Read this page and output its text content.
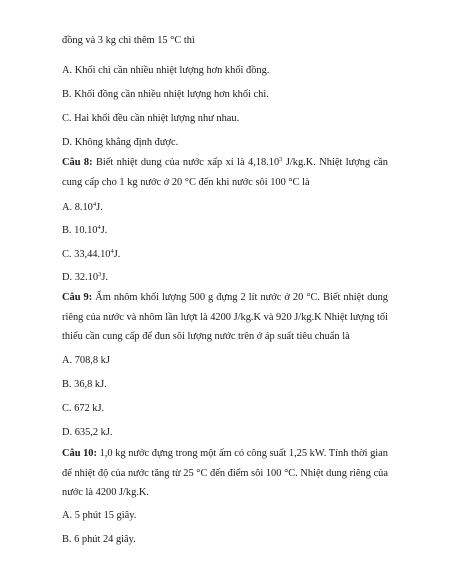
đồng và 3 kg chì thêm 15 °C thì
A. Khối chì cần nhiều nhiệt lượng hơn khối đồng.
B. Khối đồng cần nhiều nhiệt lượng hơn khối chì.
C. Hai khối đều cần nhiệt lượng như nhau.
D. Không khẳng định được.
Câu 8: Biết nhiệt dung của nước xấp xỉ là 4,18.10$^3$ J/kg.K. Nhiệt lượng cần cung cấp cho 1 kg nước ở 20 °C đến khi nước sôi 100 °C là
A. 8.10$^4$J.
B. 10.10$^4$J.
C. 33,44.10$^4$J.
D. 32.10$^3$J.
Câu 9: Ấm nhôm khối lượng 500 g đựng 2 lít nước ở 20 °C. Biết nhiệt dung riêng của nước và nhôm lần lượt là 4200 J/kg.K và 920 J/kg.K Nhiệt lượng tối thiểu cần cung cấp để đun sôi lượng nước trên ở áp suất tiêu chuẩn là
A. 708,8 kJ
B. 36,8 kJ.
C. 672 kJ.
D. 635,2 kJ.
Câu 10: 1,0 kg nước đựng trong một ấm có công suất 1,25 kW. Tính thời gian để nhiệt độ của nước tăng từ 25 °C đến điểm sôi 100 °C. Nhiệt dung riêng của nước là 4200 J/kg.K.
A. 5 phút 15 giây.
B. 6 phút 24 giây.
